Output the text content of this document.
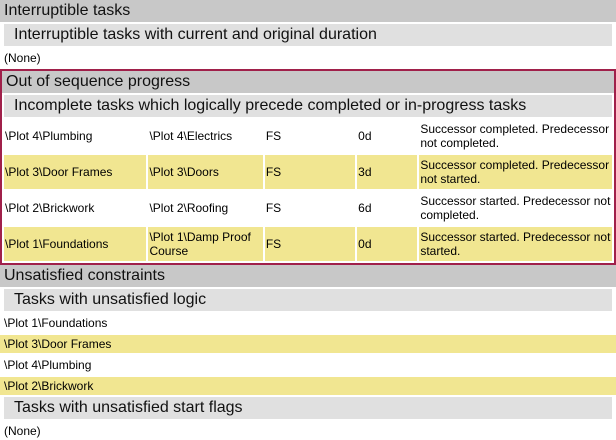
Interruptible tasks
Interruptible tasks with current and original duration
(None)
Out of sequence progress
Incomplete tasks which logically precede completed or in-progress tasks
\Plot 4\Plumbing	\Plot 4\Electrics	FS	0d	Successor completed. Predecessor not completed.
\Plot 3\Door Frames	\Plot 3\Doors	FS	3d	Successor completed. Predecessor not started.
\Plot 2\Brickwork	\Plot 2\Roofing	FS	6d	Successor started. Predecessor not completed.
\Plot 1\Foundations	\Plot 1\Damp Proof Course	FS	0d	Successor started. Predecessor not started.
Unsatisfied constraints
Tasks with unsatisfied logic
\Plot 1\Foundations
\Plot 3\Door Frames
\Plot 4\Plumbing
\Plot 2\Brickwork
Tasks with unsatisfied start flags
(None)
